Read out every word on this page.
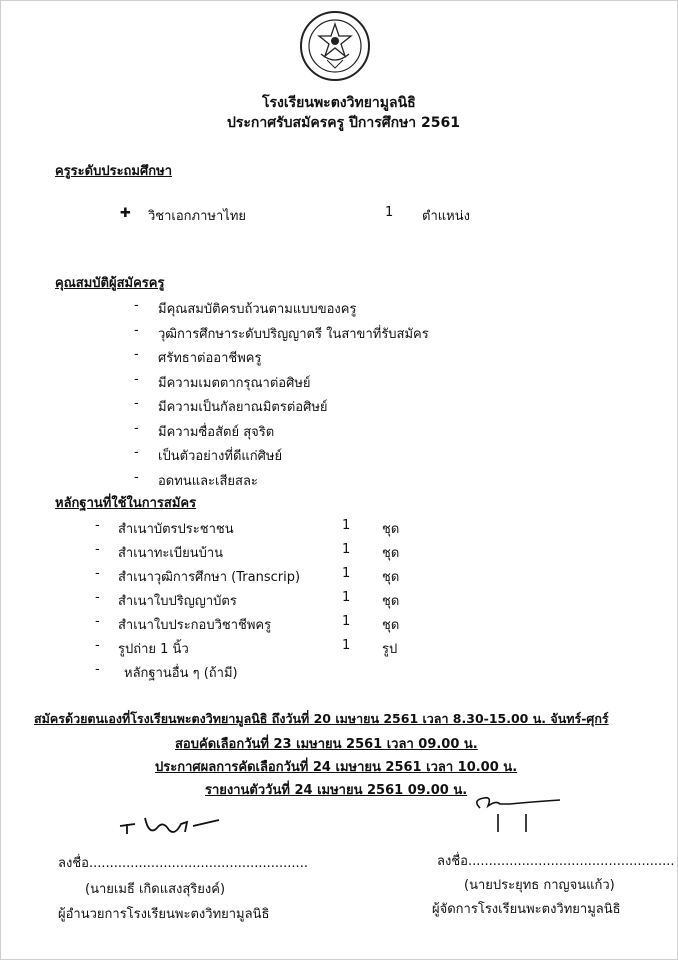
โรงเรียนพะตงวิทยามูลนิธิ
ประกาศรับสมัครครู ปีการศึกษา 2561
ครูระดับประถมศึกษา
✚ วิชาเอกภาษาไทย	1 ตำแหน่ง
คุณสมบัติผู้สมัครครู
- มีคุณสมบัติครบถ้วนตามแบบของครู
- วุฒิการศึกษาระดับปริญญาตรี ในสาขาที่รับสมัคร
- ศรัทธาต่ออาชีพครู
- มีความเมตตากรุณาต่อศิษย์
- มีความเป็นกัลยาณมิตรต่อศิษย์
- มีความซื่อสัตย์ สุจริต
- เป็นตัวอย่างที่ดีแก่ศิษย์
- อดทนและเสียสละ
หลักฐานที่ใช้ในการสมัคร
- สำเนาบัตรประชาชน	1 ชุด
- สำเนาทะเบียนบ้าน	1 ชุด
- สำเนาวุฒิการศึกษา (Transcrip)	1 ชุด
- สำเนาใบปริญญาบัตร	1 ชุด
- สำเนาใบประกอบวิชาชีพครู	1 ชุด
- รูปถ่าย 1 นิ้ว	1 รูป
- หลักฐานอื่น ๆ (ถ้ามี)
สมัครด้วยตนเองที่โรงเรียนพะตงวิทยามูลนิธิ ถึงวันที่ 20 เมษายน 2561 เวลา 8.30-15.00 น. จันทร์-ศุกร์
สอบคัดเลือกวันที่ 23 เมษายน 2561 เวลา 09.00 น.
ประกาศผลการคัดเลือกวันที่ 24 เมษายน 2561 เวลา 10.00 น.
รายงานตัววันที่ 24 เมษายน 2561 09.00 น.
ลงชื่อ.....................................................
(นายเมธี เกิดแสงสุริยงค์)
ผู้อำนวยการโรงเรียนพะตงวิทยามูลนิธิ
ลงชื่อ..................................................
(นายประยุทธ กาญจนแก้ว)
ผู้จัดการโรงเรียนพะตงวิทยามูลนิธิ
